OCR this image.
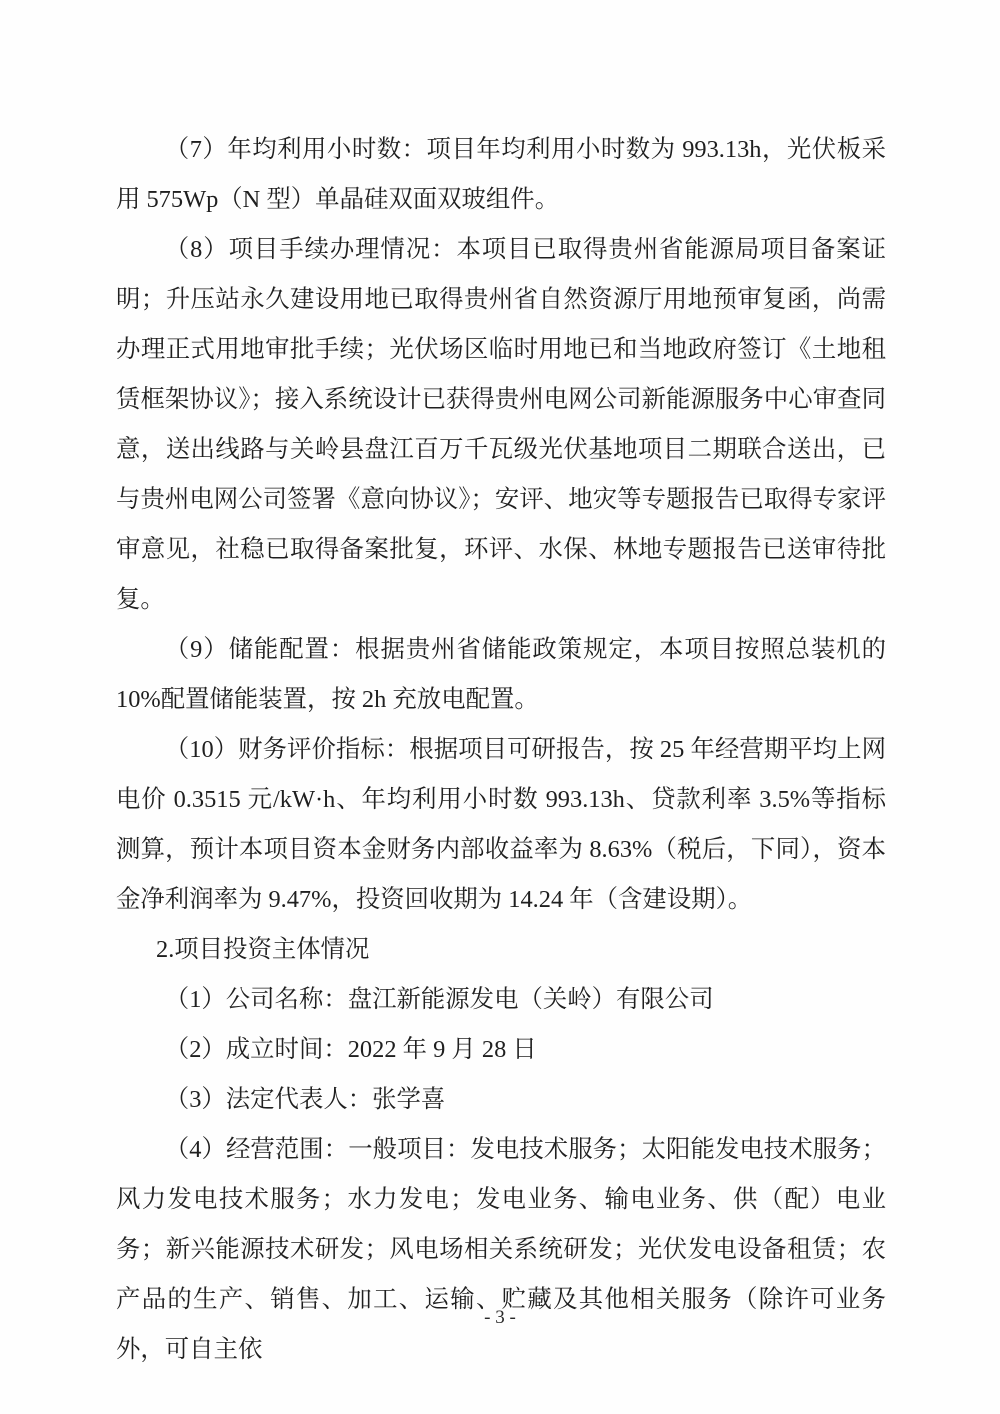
（7）年均利用小时数：项目年均利用小时数为 993.13h，光伏板采用 575Wp（N 型）单晶硅双面双玻组件。

（8）项目手续办理情况：本项目已取得贵州省能源局项目备案证明；升压站永久建设用地已取得贵州省自然资源厅用地预审复函，尚需办理正式用地审批手续；光伏场区临时用地已和当地政府签订《土地租赁框架协议》；接入系统设计已获得贵州电网公司新能源服务中心审查同意，送出线路与关岭县盘江百万千瓦级光伏基地项目二期联合送出，已与贵州电网公司签署《意向协议》；安评、地灾等专题报告已取得专家评审意见，社稳已取得备案批复，环评、水保、林地专题报告已送审待批复。

（9）储能配置：根据贵州省储能政策规定，本项目按照总装机的 10%配置储能装置，按 2h 充放电配置。

（10）财务评价指标：根据项目可研报告，按 25 年经营期平均上网电价 0.3515 元/kW·h、年均利用小时数 993.13h、贷款利率 3.5%等指标测算，预计本项目资本金财务内部收益率为 8.63%（税后，下同），资本金净利润率为 9.47%，投资回收期为 14.24 年（含建设期）。

2.项目投资主体情况

（1）公司名称：盘江新能源发电（关岭）有限公司

（2）成立时间：2022 年 9 月 28 日

（3）法定代表人：张学喜

（4）经营范围：一般项目：发电技术服务；太阳能发电技术服务；风力发电技术服务；水力发电；发电业务、输电业务、供（配）电业务；新兴能源技术研发；风电场相关系统研发；光伏发电设备租赁；农产品的生产、销售、加工、运输、贮藏及其他相关服务（除许可业务外，可自主依

- 3 -
